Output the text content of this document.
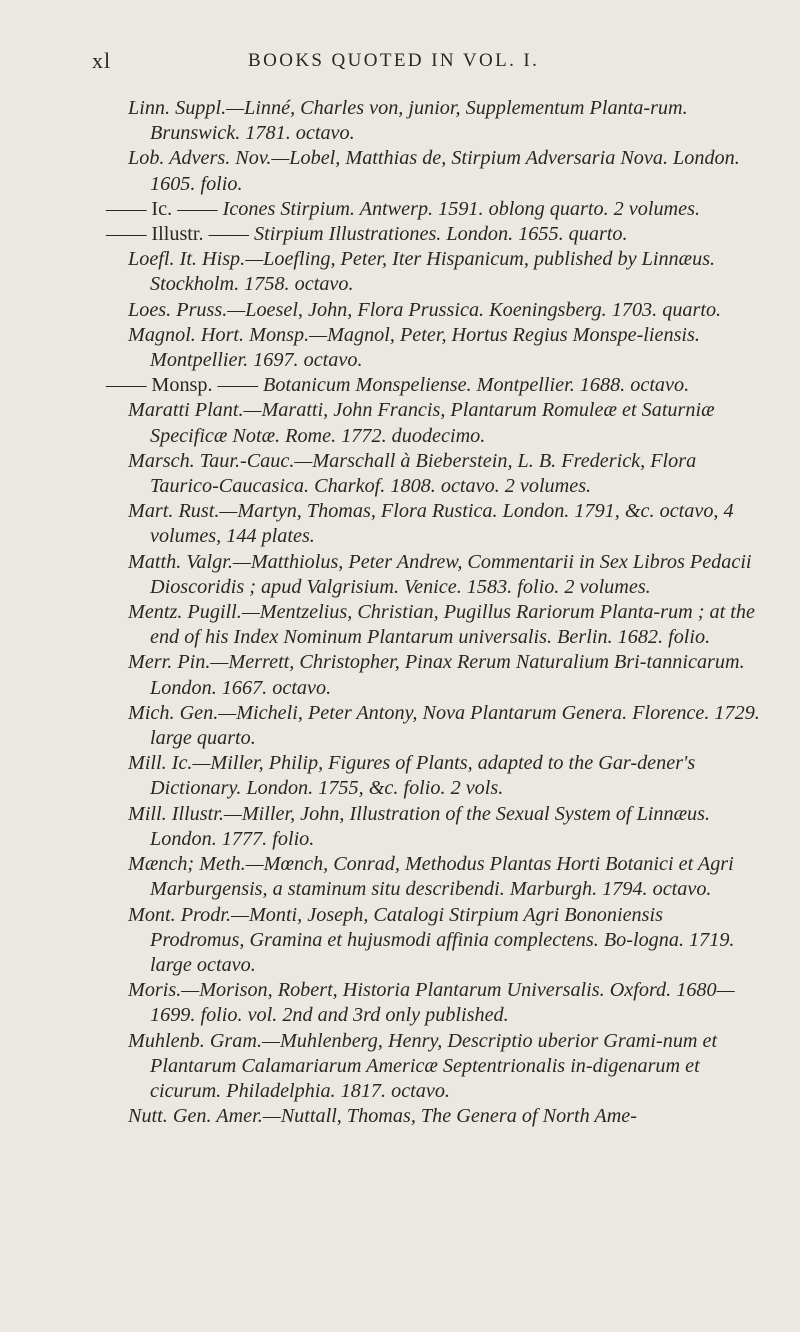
xl	BOOKS QUOTED IN VOL. I.

Linn. Suppl.—Linné, Charles von, junior, Supplementum Planta-rum. Brunswick. 1781. octavo.

Lob. Advers. Nov.—Lobel, Matthias de, Stirpium Adversaria Nova. London. 1605. folio.

—— Ic. —— Icones Stirpium. Antwerp. 1591. oblong quarto. 2 volumes.

—— Illustr. —— Stirpium Illustrationes. London. 1655. quarto.

Loefl. It. Hisp.—Loefling, Peter, Iter Hispanicum, published by Linnæus. Stockholm. 1758. octavo.

Loes. Pruss.—Loesel, John, Flora Prussica. Koeningsberg. 1703. quarto.

Magnol. Hort. Monsp.—Magnol, Peter, Hortus Regius Monspe-liensis. Montpellier. 1697. octavo.

—— Monsp. —— Botanicum Monspeliense. Montpellier. 1688. octavo.

Maratti Plant.—Maratti, John Francis, Plantarum Romuleæ et Saturniæ Specificæ Notæ. Rome. 1772. duodecimo.

Marsch. Taur.-Cauc.—Marschall à Bieberstein, L. B. Frederick, Flora Taurico-Caucasica. Charkof. 1808. octavo. 2 volumes.

Mart. Rust.—Martyn, Thomas, Flora Rustica. London. 1791, &c. octavo, 4 volumes, 144 plates.

Matth. Valgr.—Matthiolus, Peter Andrew, Commentarii in Sex Libros Pedacii Dioscoridis ; apud Valgrisium. Venice. 1583. folio. 2 volumes.

Mentz. Pugill.—Mentzelius, Christian, Pugillus Rariorum Planta-rum ; at the end of his Index Nominum Plantarum universalis. Berlin. 1682. folio.

Merr. Pin.—Merrett, Christopher, Pinax Rerum Naturalium Bri-tannicarum. London. 1667. octavo.

Mich. Gen.—Micheli, Peter Antony, Nova Plantarum Genera. Florence. 1729. large quarto.

Mill. Ic.—Miller, Philip, Figures of Plants, adapted to the Gar-dener's Dictionary. London. 1755, &c. folio. 2 vols.

Mill. Illustr.—Miller, John, Illustration of the Sexual System of Linnæus. London. 1777. folio.

Mænch; Meth.—Mœnch, Conrad, Methodus Plantas Horti Botanici et Agri Marburgensis, a staminum situ describendi. Marburgh. 1794. octavo.

Mont. Prodr.—Monti, Joseph, Catalogi Stirpium Agri Bononiensis Prodromus, Gramina et hujusmodi affinia complectens. Bo-logna. 1719. large octavo.

Moris.—Morison, Robert, Historia Plantarum Universalis. Oxford. 1680—1699. folio. vol. 2nd and 3rd only published.

Muhlenb. Gram.—Muhlenberg, Henry, Descriptio uberior Grami-num et Plantarum Calamariarum Americæ Septentrionalis in-digenarum et cicurum. Philadelphia. 1817. octavo.

Nutt. Gen. Amer.—Nuttall, Thomas, The Genera of North Ame-
